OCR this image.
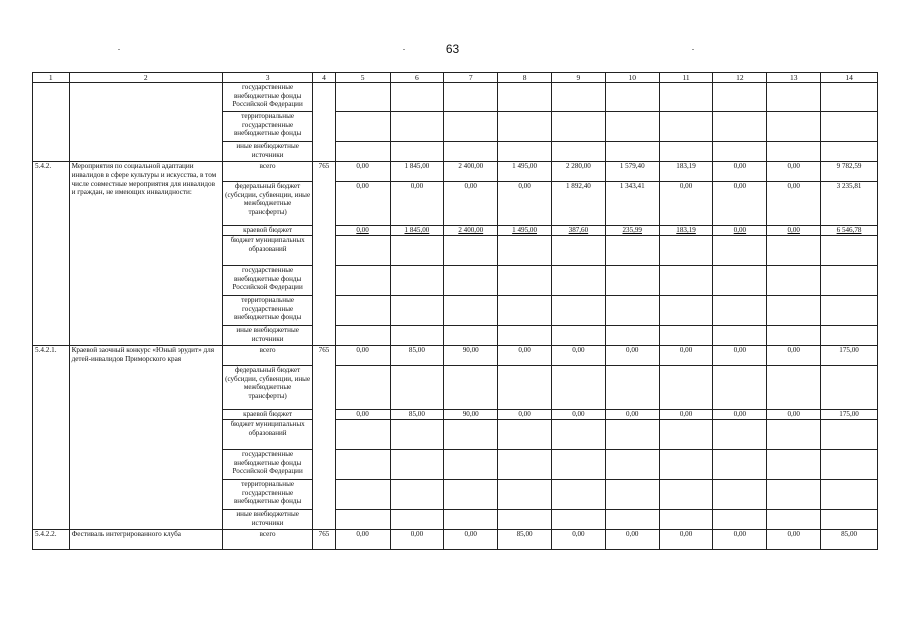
63
1	2	3	4	5	6	7	8	9	10	11	12	13	14
		государственные внебюджетные фонды Российской Федерации											
		территориальные государственные внебюджетные фонды											
		иные внебюджетные источники											
5.4.2.	Мероприятия по социальной адаптации инвалидов в сфере культуры и искусства, в том числе совместные мероприятия для инвалидов и граждан, не имеющих инвалидности:	всего	765	0,00	1 845,00	2 400,00	1 495,00	2 280,00	1 579,40	183,19	0,00	0,00	9 782,59
		федеральный бюджет (субсидии, субвенции, иные межбюджетные трансферты)		0,00	0,00	0,00	0,00	1 892,40	1 343,41	0,00	0,00	0,00	3 235,81
		краевой бюджет		0,00	1 845,00	2 400,00	1 495,00	387,60	235,99	183,19	0,00	0,00	6 546,78
		бюджет муниципальных образований											
		государственные внебюджетные фонды Российской Федерации											
		территориальные государственные внебюджетные фонды											
		иные внебюджетные источники											
5.4.2.1.	Краевой заочный конкурс «Юный эрудит» для детей-инвалидов Приморского края	всего	765	0,00	85,00	90,00	0,00	0,00	0,00	0,00	0,00	0,00	175,00
		федеральный бюджет (субсидии, субвенции, иные межбюджетные трансферты)											
		краевой бюджет		0,00	85,00	90,00	0,00	0,00	0,00	0,00	0,00	0,00	175,00
		бюджет муниципальных образований											
		государственные внебюджетные фонды Российской Федерации											
		территориальные государственные внебюджетные фонды											
		иные внебюджетные источники											
5.4.2.2.	Фестиваль интегрированного клуба	всего	765	0,00	0,00	0,00	85,00	0,00	0,00	0,00	0,00	0,00	85,00
